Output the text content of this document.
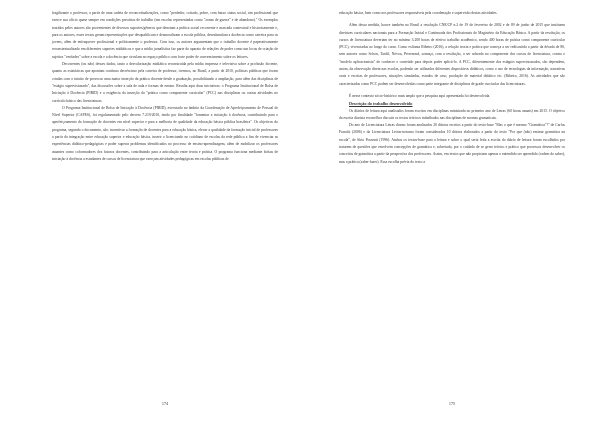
fragilizante o professor, a partir de uma cadeia de reconceitualizações, como "perdedor, coitado, pobre, com baixo status social, um profissional que exerce sua ofício quase sempre em condições precárias de trabalho (em escolas representadas como "zonas de guerra" e de abandono)." Os exemplos trazidos pelos autores são provenientes de diversos suportes/gêneros que denotam a prática social recorrente e marcada contextual e historicamente e, para os autores, esses textos geram representações que desqualificam e desmoralizam a escola pública, desestimulam a docência como carreira para os jovens, além de enfraquecer profissional e politicamente o professor. Com isso, os autores argumentam que o trabalho docente é paperativamente reconstextualizado em diferentes suportes midiáticos e que a mídia jornalística faz parte do aparato de relações de poder como um locus de criação de sujeitos "verdades" sobre a escola e a docência que circulam no espaço público com forte poder de convencimento sobre os leitores.

Decorrentes (ou não) desses dados, tanto a desvalorização midiática reconstruída pela mídia impressa e televisiva sobre a profissão docente, quanto as estatísticas que apontam contínuo decréscimo pela carreira de professor, tivemos, no Brasil, a partir de 2010, políticas públicas que foram criadas com o intuito de provocar uma maior inserção da prática docente desde a graduação, possibilitando a ampliação, para além das disciplinas de "estágio supervisionado", das discussões sobre a sala de aula e formas de ensino. Resulta aqui duas iniciativas: o Programa Institucional de Bolsa de Iniciação à Docência (PIBID) e a exigência da inserção da "prática como componente curricular" (PCC) nas disciplinas ou outras atividades no currículo básico das licenciaturas.

O Programa Institucional de Bolsa de Iniciação à Docência (PIBID), executado no âmbito da Coordenação de Aperfeiçoamento de Pessoal de Nível Superior (CAPES), foi regulamentado pelo decreto 7.219/2010, tendo por finalidade "fomentar a iniciação à docência, contribuindo para o aperfeiçoamento da formação de docentes em nível superior e para a melhoria de qualidade da educação básica pública brasileira". Os objetivos do programa, segundo o documento, são: incentivar a formação de docentes para a educação básica, elevar a qualidade da formação inicial de professores a partir da integração entre educação superior e educação básica, inserir o licenciando no cotidiano de escolas da rede pública a fim de vivenciar as experiências didático-pedagógicas e poder superar problemas identificados no processo de ensino-aprendizagem, além de mobilizar os professores atuantes como coformadores dos futuros docentes, contribuindo para a articulação entre teoria e prática. O programa funciona mediante bolsas de iniciação à docência a estudantes de cursos de licenciatura que exerçam atividades pedagógicas em escolas públicas de

174

educação básica, bem como aos professores responsáveis pela coordenação e supervisão destas atividades.

Além dessa medida, houve também no Brasil a resolução CNE/CP n.2 de 19 de fevereiro de 2002 e de 09 de junho de 2015 que instituem diretrizes curriculares nacionais para a Formação Inicial e Continuada dos Profissionais do Magistério da Educação Básica. A partir da resolução, os cursos de licenciatura deveriam ter no mínimo 3.200 horas de efetivo trabalho acadêmico, sendo 400 horas de prática como componente curricular (PCC), vivenciadas ao longo do curso. Como exlianta Ribeiro (2016), a relação teoria e prática que começa a ser rediscutida a partir da década de 80, sem autores como Schon, Tardif, Nóvoa, Perrenoud, somaça, com a resolução, a ser sobrada no componente dos cursos de licenciatura, contra o "modelo aplicacionista" de conhecer o conteúdo para depois poder aplicá-lo. A PCC, diferentemente dos estágios supervisionados, são dependem, assim, da observação direta nas escolas, podendo ser utilizados diferentes dispositivos didáticos, como o uso de tecnologias da informação, narrativas orais e escritas de professores, situações simuladas, estudos de caso, produção de material didático etc. (Ribeiro, 2016). As atividades que são caracterizadas como PCC podem ser desenvolvidas como parte integrante de disciplinas de grade curricular das licenciaturas.

É nesse contexto sócio-histórico mais amplo que a pesquisa aqui apresentada foi desenvolvida.

Descrição do trabalho desenvolvido

Os diários de leitura aqui analisados foram escritos em disciplinas ministrada no primeiro ano de Letras (60 horas anuais) em 2015. O objetivo da escrita diarista era melhor discutir os textos teóricos trabalhados nas disciplinas de normas gramaticais.

Do ano de Licenciatura Letras diurno foram analisados 20 diários escritos a partir do texto-base "Mas o que é mesmo "Gramática"?" de Carlos Franchi (2006) e da Licenciatura Letras-noturno foram considerados 10 diários elaborados a partir do texto "Por que (não) ensinar gramática na escola", de Sírio Possenti (1996). Ambos os textos-base para a leitura e sobre o qual seria feita a escrita do diário de leitura foram escolhidos por tratarem de questões que envolvem concepções de gramática e, sobretudo, por o cuidado de se gerar teórico e prático que processos desenvolver os conceitos de gramática a partir da perspectiva dos professores. Assim, em textos que não propiciam apenas o entendido ser aprendido (ordem do saber), mas a prática (saber-fazer). Essa escolha prévia do texto a

175
